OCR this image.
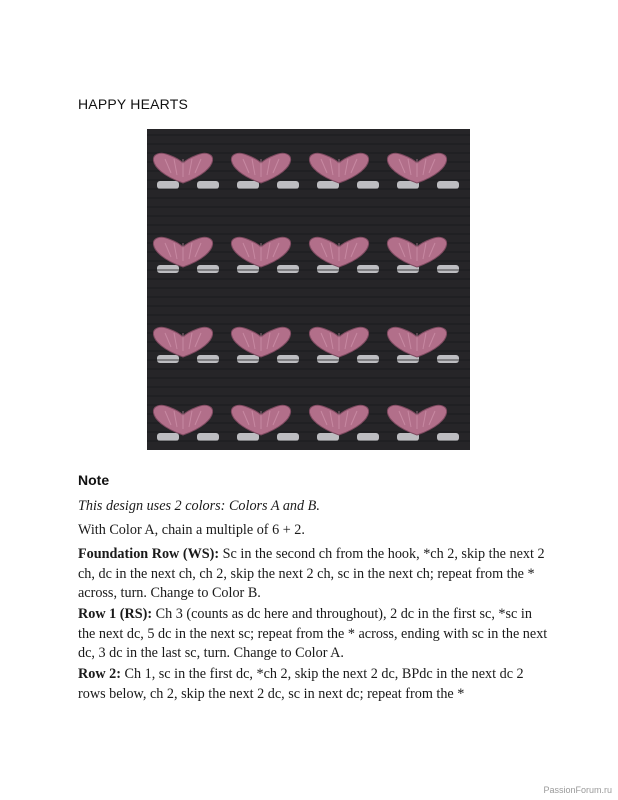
HAPPY HEARTS
Note
This design uses 2 colors: Colors A and B.
With Color A, chain a multiple of 6 + 2.
Foundation Row (WS): Sc in the second ch from the hook, *ch 2, skip the next 2 ch, dc in the next ch, ch 2, skip the next 2 ch, sc in the next ch; repeat from the * across, turn. Change to Color B.
Row 1 (RS): Ch 3 (counts as dc here and throughout), 2 dc in the first sc, *sc in the next dc, 5 dc in the next sc; repeat from the * across, ending with sc in the next dc, 3 dc in the last sc, turn. Change to Color A.
Row 2: Ch 1, sc in the first dc, *ch 2, skip the next 2 dc, BPdc in the next dc 2 rows below, ch 2, skip the next 2 dc, sc in next dc; repeat from the *
PassionForum.ru
